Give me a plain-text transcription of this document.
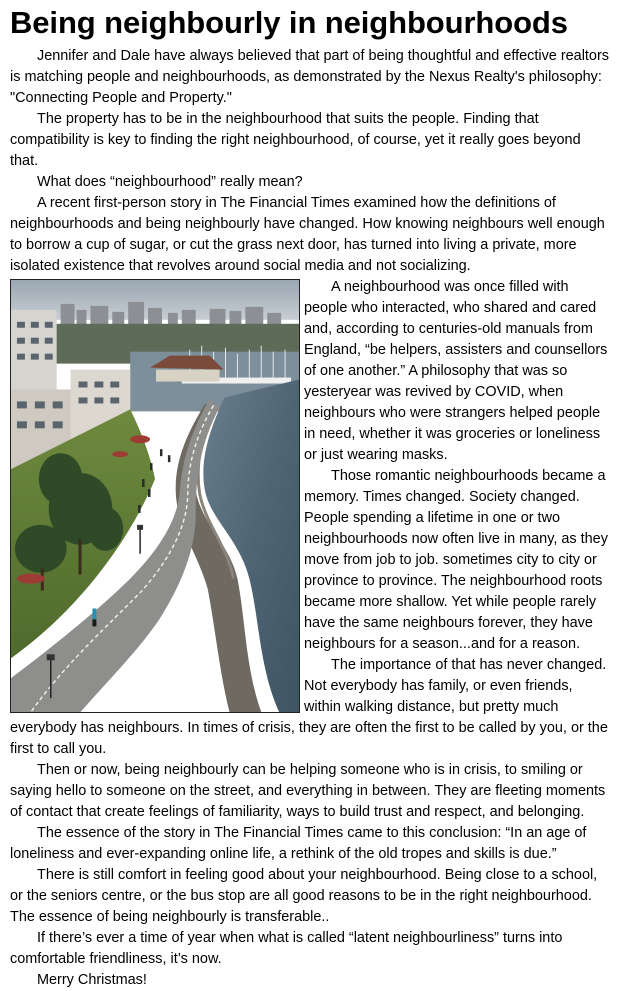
Being neighbourly in neighbourhoods

Jennifer and Dale have always believed that part of being thoughtful and effective realtors is matching people and neighbourhoods, as demonstrated by the Nexus Realty's philosophy: "Connecting People and Property."

The property has to be in the neighbourhood that suits the people. Finding that compatibility is key to finding the right neighbourhood, of course, yet it really goes beyond that.

What does “neighbourhood” really mean?

A recent first-person story in The Financial Times examined how the definitions of neighbourhoods and being neighbourly have changed. How knowing neighbours well enough to borrow a cup of sugar, or cut the grass next door, has turned into living a private, more isolated existence that revolves around social media and not socializing.

A neighbourhood was once filled with people who interacted, who shared and cared and, according to centuries-old manuals from England, “be helpers, assisters and counsellors of one another.” A philosophy that was so yesteryear was revived by COVID, when neighbours who were strangers helped people in need, whether it was groceries or loneliness or just wearing masks.

Those romantic neighbourhoods became a memory. Times changed. Society changed. People spending a lifetime in one or two neighbourhoods now often live in many, as they move from job to job. sometimes city to city or province to province. The neighbourhood roots became more shallow. Yet while people rarely have the same neighbours forever, they have neighbours for a season...and for a reason.

The importance of that has never changed. Not everybody has family, or even friends, within walking distance, but pretty much everybody has neighbours. In times of crisis, they are often the first to be called by you, or the first to call you.

Then or now, being neighbourly can be helping someone who is in crisis, to smiling or saying hello to someone on the street, and everything in between. They are fleeting moments of contact that create feelings of familiarity, ways to build trust and respect, and belonging.

The essence of the story in The Financial Times came to this conclusion: “In an age of loneliness and ever-expanding online life, a rethink of the old tropes and skills is due.”

There is still comfort in feeling good about your neighbourhood. Being close to a school, or the seniors centre, or the bus stop are all good reasons to be in the right neighbourhood. The essence of being neighbourly is transferable..

If there’s ever a time of year when what is called “latent neighbourliness” turns into comfortable friendliness, it’s now.

Merry Christmas!
